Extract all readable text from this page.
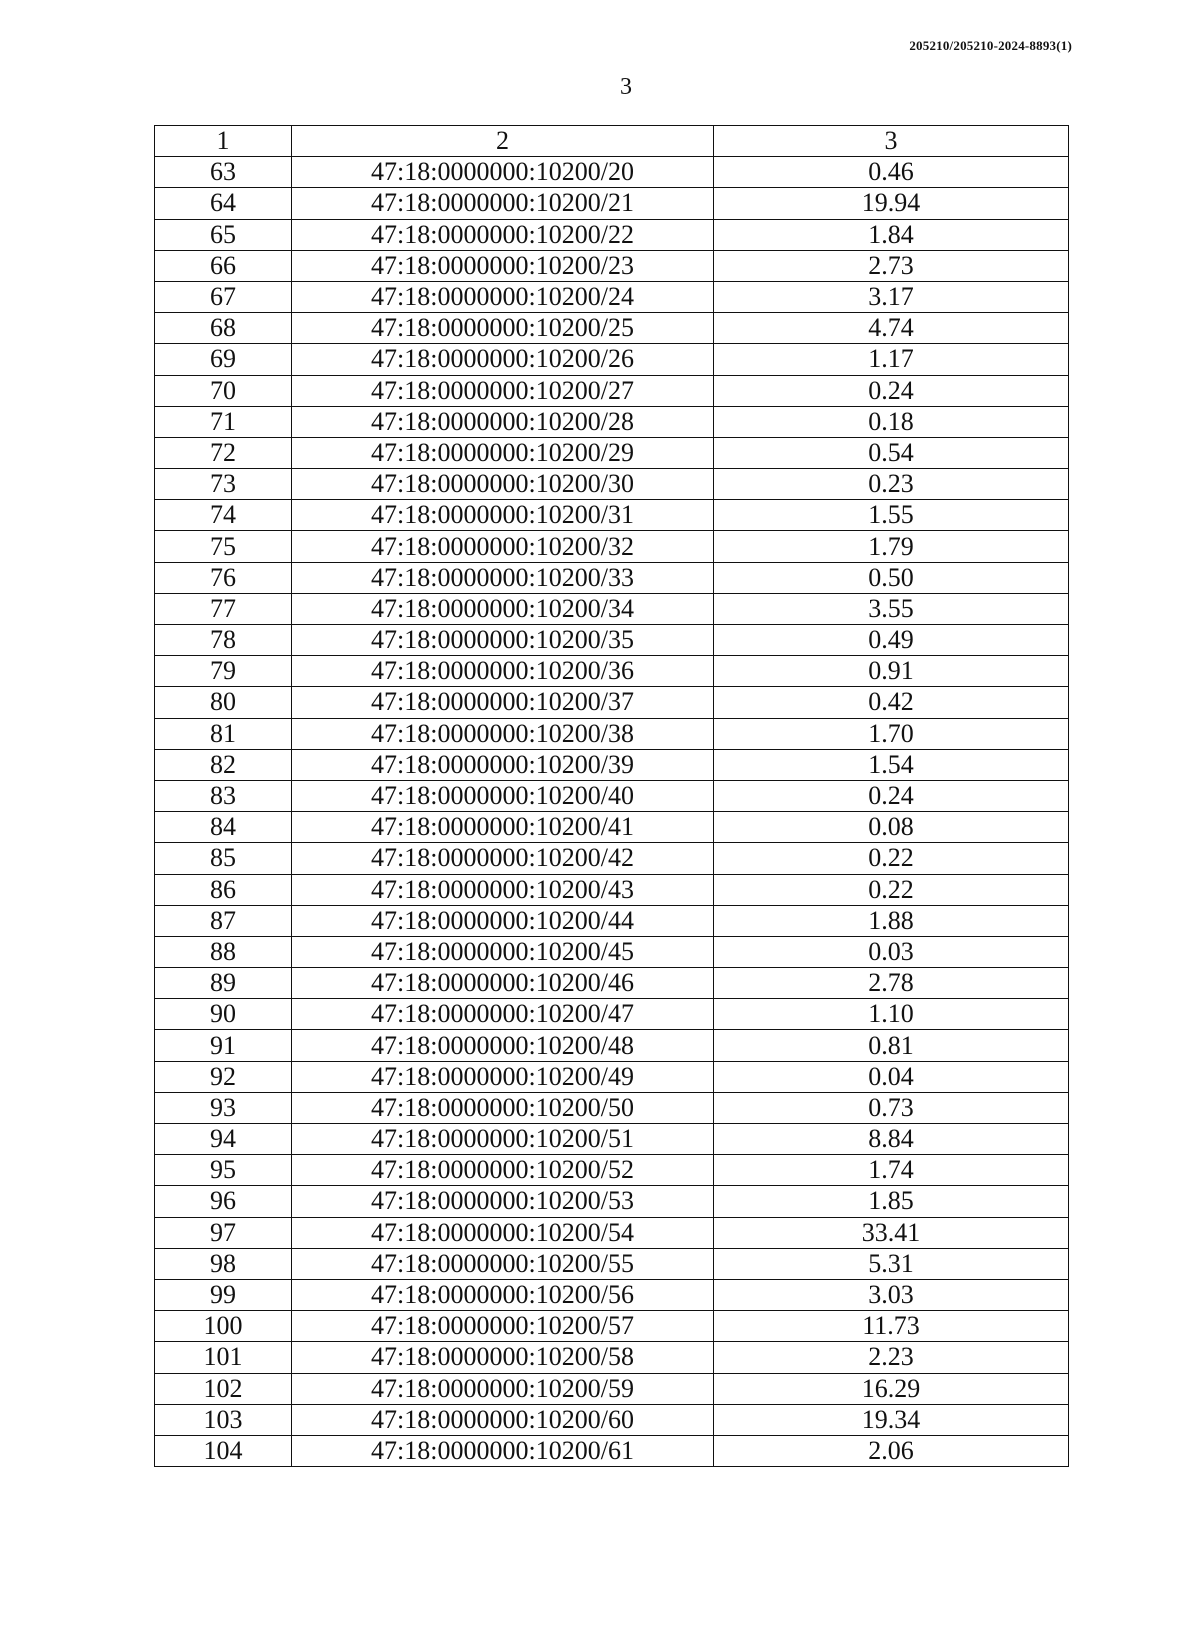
205210/205210-2024-8893(1)
3
1	2	3
63	47:18:0000000:10200/20	0.46
64	47:18:0000000:10200/21	19.94
65	47:18:0000000:10200/22	1.84
66	47:18:0000000:10200/23	2.73
67	47:18:0000000:10200/24	3.17
68	47:18:0000000:10200/25	4.74
69	47:18:0000000:10200/26	1.17
70	47:18:0000000:10200/27	0.24
71	47:18:0000000:10200/28	0.18
72	47:18:0000000:10200/29	0.54
73	47:18:0000000:10200/30	0.23
74	47:18:0000000:10200/31	1.55
75	47:18:0000000:10200/32	1.79
76	47:18:0000000:10200/33	0.50
77	47:18:0000000:10200/34	3.55
78	47:18:0000000:10200/35	0.49
79	47:18:0000000:10200/36	0.91
80	47:18:0000000:10200/37	0.42
81	47:18:0000000:10200/38	1.70
82	47:18:0000000:10200/39	1.54
83	47:18:0000000:10200/40	0.24
84	47:18:0000000:10200/41	0.08
85	47:18:0000000:10200/42	0.22
86	47:18:0000000:10200/43	0.22
87	47:18:0000000:10200/44	1.88
88	47:18:0000000:10200/45	0.03
89	47:18:0000000:10200/46	2.78
90	47:18:0000000:10200/47	1.10
91	47:18:0000000:10200/48	0.81
92	47:18:0000000:10200/49	0.04
93	47:18:0000000:10200/50	0.73
94	47:18:0000000:10200/51	8.84
95	47:18:0000000:10200/52	1.74
96	47:18:0000000:10200/53	1.85
97	47:18:0000000:10200/54	33.41
98	47:18:0000000:10200/55	5.31
99	47:18:0000000:10200/56	3.03
100	47:18:0000000:10200/57	11.73
101	47:18:0000000:10200/58	2.23
102	47:18:0000000:10200/59	16.29
103	47:18:0000000:10200/60	19.34
104	47:18:0000000:10200/61	2.06
